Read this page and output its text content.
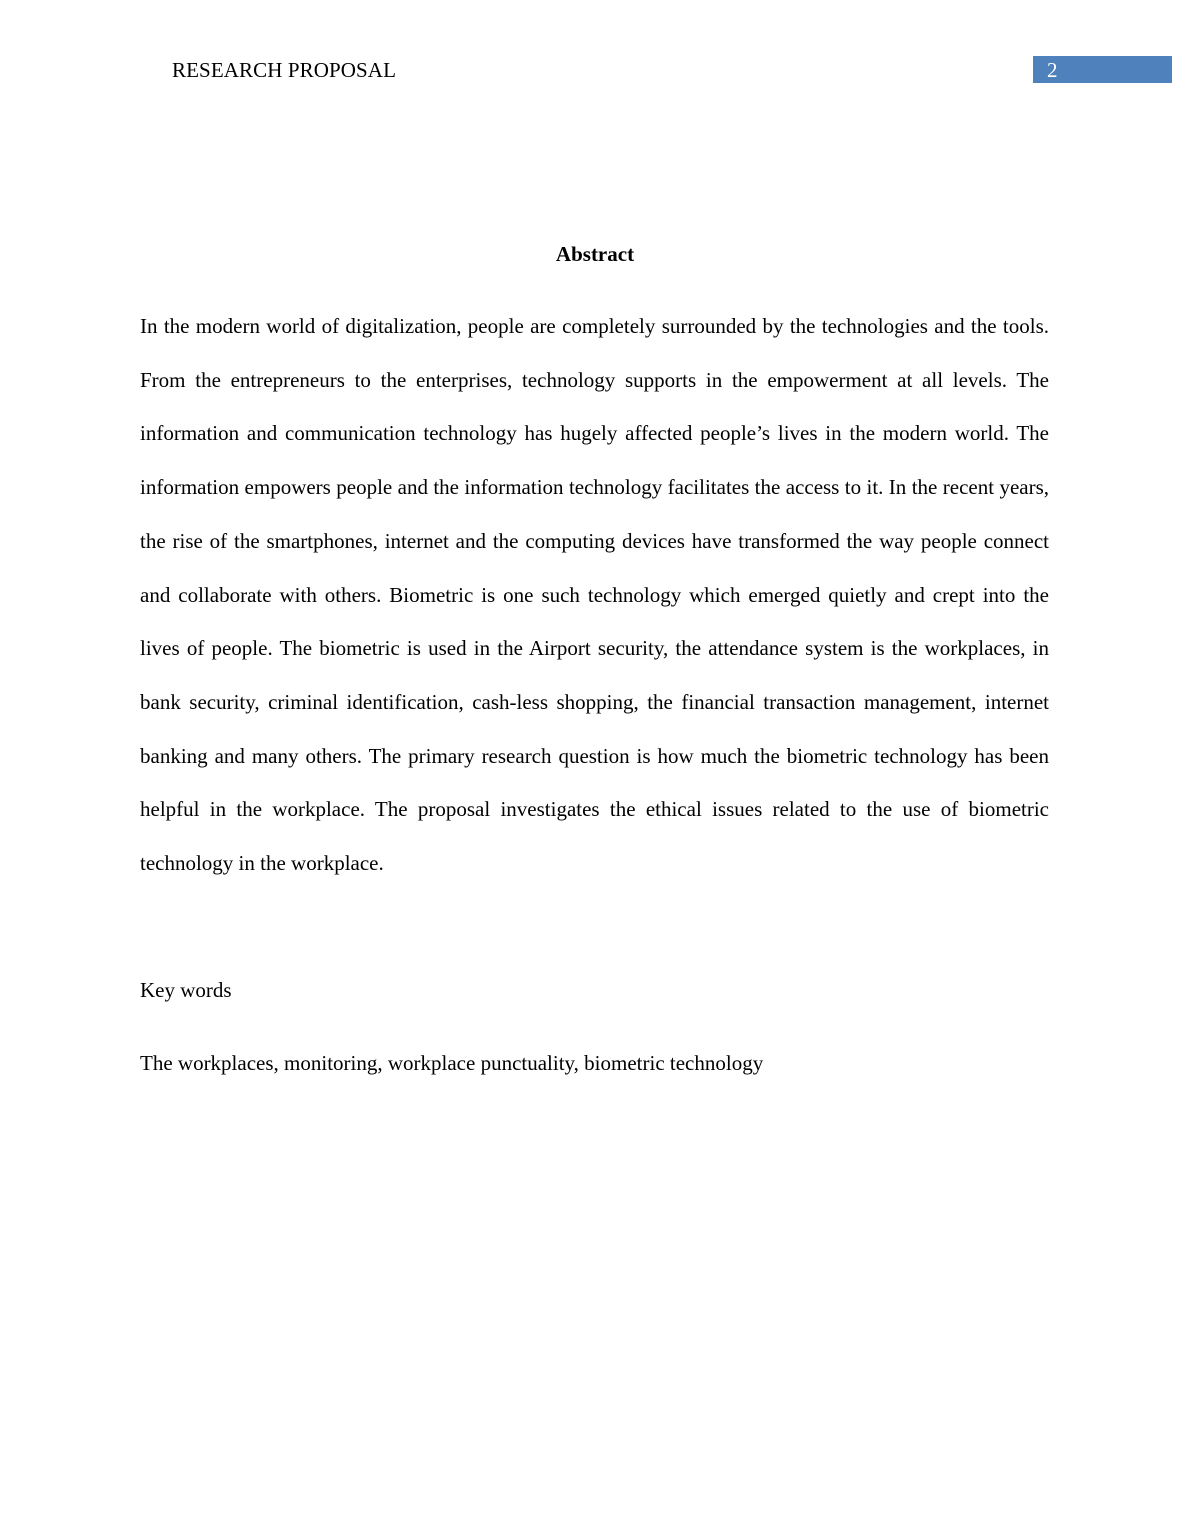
RESEARCH PROPOSAL	2
Abstract

In the modern world of digitalization, people are completely surrounded by the technologies and the tools. From the entrepreneurs to the enterprises, technology supports in the empowerment at all levels. The information and communication technology has hugely affected people’s lives in the modern world. The information empowers people and the information technology facilitates the access to it. In the recent years, the rise of the smartphones, internet and the computing devices have transformed the way people connect and collaborate with others. Biometric is one such technology which emerged quietly and crept into the lives of people. The biometric is used in the Airport security, the attendance system is the workplaces, in bank security, criminal identification, cash-less shopping, the financial transaction management, internet banking and many others. The primary research question is how much the biometric technology has been helpful in the workplace. The proposal investigates the ethical issues related to the use of biometric technology in the workplace.

Key words
The workplaces, monitoring, workplace punctuality, biometric technology
